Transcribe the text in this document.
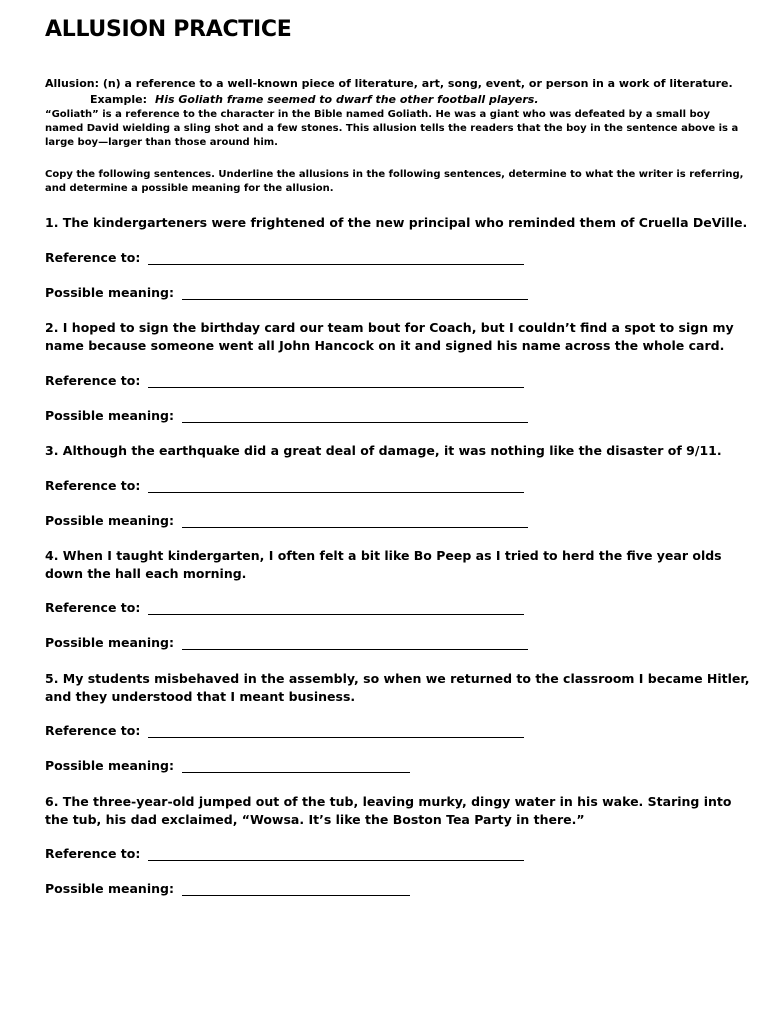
ALLUSION PRACTICE
Allusion: (n) a reference to a well-known piece of literature, art, song, event, or person in a work of literature.
Example: His Goliath frame seemed to dwarf the other football players.
“Goliath” is a reference to the character in the Bible named Goliath. He was a giant who was defeated by a small boy
named David wielding a sling shot and a few stones. This allusion tells the readers that the boy in the sentence above is a
large boy—larger than those around him.
Copy the following sentences. Underline the allusions in the following sentences, determine to what the writer is referring,
and determine a possible meaning for the allusion.
1. The kindergarteners were frightened of the new principal who reminded them of Cruella DeVille.
Reference to:
Possible meaning:
2. I hoped to sign the birthday card our team bout for Coach, but I couldn’t find a spot to sign my
name because someone went all John Hancock on it and signed his name across the whole card.
Reference to:
Possible meaning:
3. Although the earthquake did a great deal of damage, it was nothing like the disaster of 9/11.
Reference to:
Possible meaning:
4. When I taught kindergarten, I often felt a bit like Bo Peep as I tried to herd the five year olds
down the hall each morning.
Reference to:
Possible meaning:
5. My students misbehaved in the assembly, so when we returned to the classroom I became Hitler,
and they understood that I meant business.
Reference to:
Possible meaning:
6. The three-year-old jumped out of the tub, leaving murky, dingy water in his wake. Staring into
the tub, his dad exclaimed, “Wowsa. It’s like the Boston Tea Party in there.”
Reference to:
Possible meaning:
